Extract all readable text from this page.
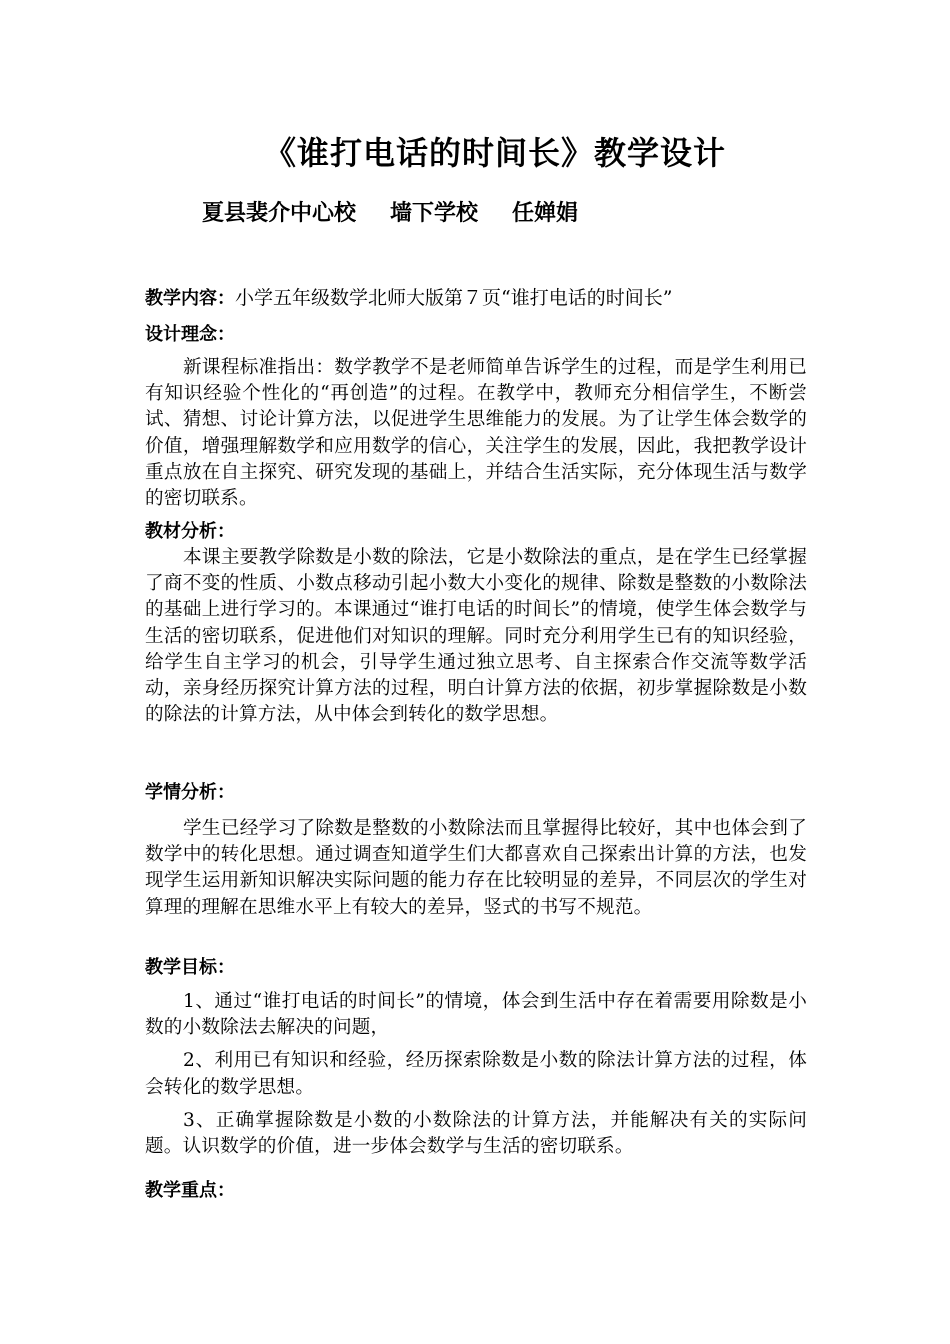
《谁打电话的时间长》教学设计
夏县裴介中心校 墙下学校 任婵娟
教学内容：小学五年级数学北师大版第７页“谁打电话的时间长”
设计理念：
新课程标准指出：数学教学不是老师简单告诉学生的过程，而是学生利用已有知识经验个性化的“再创造”的过程。在教学中，教师充分相信学生，不断尝试、猜想、讨论计算方法，以促进学生思维能力的发展。为了让学生体会数学的价值，增强理解数学和应用数学的信心，关注学生的发展，因此，我把教学设计重点放在自主探究、研究发现的基础上，并结合生活实际，充分体现生活与数学的密切联系。
教材分析：
本课主要教学除数是小数的除法，它是小数除法的重点，是在学生已经掌握了商不变的性质、小数点移动引起小数大小变化的规律、除数是整数的小数除法的基础上进行学习的。本课通过“谁打电话的时间长”的情境，使学生体会数学与生活的密切联系，促进他们对知识的理解。同时充分利用学生已有的知识经验，给学生自主学习的机会，引导学生通过独立思考、自主探索合作交流等数学活动，亲身经历探究计算方法的过程，明白计算方法的依据，初步掌握除数是小数的除法的计算方法，从中体会到转化的数学思想。
学情分析：
学生已经学习了除数是整数的小数除法而且掌握得比较好，其中也体会到了数学中的转化思想。通过调查知道学生们大都喜欢自己探索出计算的方法，也发现学生运用新知识解决实际问题的能力存在比较明显的差异，不同层次的学生对算理的理解在思维水平上有较大的差异，竖式的书写不规范。
教学目标：
1、通过“谁打电话的时间长”的情境，体会到生活中存在着需要用除数是小数的小数除法去解决的问题，
2、利用已有知识和经验，经历探索除数是小数的除法计算方法的过程，体会转化的数学思想。
3、正确掌握除数是小数的小数除法的计算方法，并能解决有关的实际问题。认识数学的价值，进一步体会数学与生活的密切联系。
教学重点：
